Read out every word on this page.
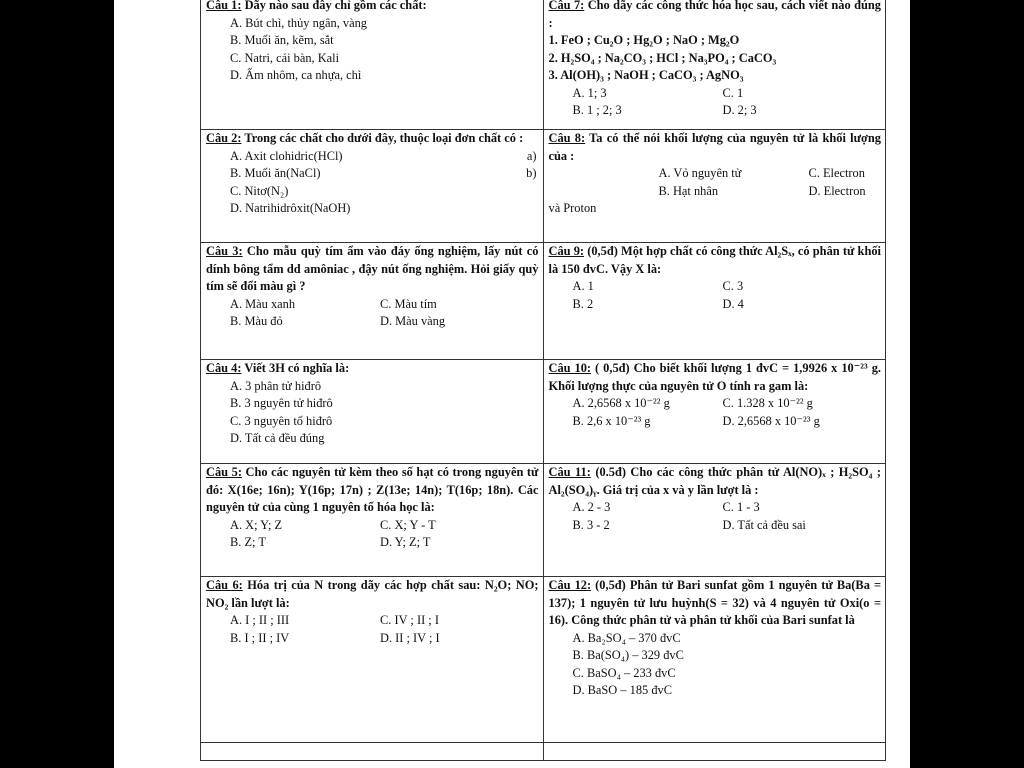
Câu 1: Dãy nào sau đây chỉ gồm các chất:
A. Bút chì, thủy ngân, vàng
B. Muối ăn, kẽm, sắt
C. Natri, cái bàn, Kali
D. Ấm nhôm, ca nhựa, chì
Câu 7: Cho dãy các công thức hóa học sau, cách viết nào đúng :
1. FeO ; Cu₂O ; Hg₂O ; NaO ; Mg₂O
2. H₂SO₄ ; Na₂CO₃ ; HCl ; Na₃PO₄ ; CaCO₃
3. Al(OH)₃ ; NaOH ; CaCO₃ ; AgNO₃
A. 1; 3	C. 1
B. 1 ; 2; 3	D. 2; 3
Câu 2: Trong các chất cho dưới đây, thuộc loại đơn chất có :
A. Axit clohidric(HCl)	a)
B. Muối ăn(NaCl)	b)
C. Nitơ(N₂)
D. Natrihidrôxit(NaOH)
Câu 8: Ta có thể nói khối lượng của nguyên tử là khối lượng của :
A. Vỏ nguyên tử	C. Electron
B. Hạt nhân	D. Electron
và Proton
Câu 3: Cho mẫu quỳ tím ẩm vào đáy ống nghiệm, lấy nút có dính bông tẩm dd amôniac , đậy nút ống nghiệm. Hỏi giấy quỳ tím sẽ đổi màu gì ?
A. Màu xanh	C. Màu tím
B. Màu đỏ	D. Màu vàng
Câu 9: (0,5đ) Một hợp chất có công thức Al₂Sₓ, có phân tử khối là 150 đvC. Vậy X là:
A. 1	C. 3
B. 2	D. 4
Câu 4: Viết 3H có nghĩa là:
A. 3 phân tử hiđrô
B. 3 nguyên tử hiđrô
C. 3 nguyên tố hiđrô
D. Tất cả đều đúng
Câu 10: ( 0,5đ) Cho biết khối lượng 1 đvC = 1,9926 x 10⁻²³ g. Khối lượng thực của nguyên tử O tính ra gam là:
A. 2,6568 x 10⁻²² g	C. 1.328 x 10⁻²² g
B. 2,6 x 10⁻²³ g	D. 2,6568 x 10⁻²³ g
Câu 5: Cho các nguyên tử kèm theo số hạt có trong nguyên tử đó: X(16e; 16n); Y(16p; 17n) ; Z(13e; 14n); T(16p; 18n). Các nguyên tử của cùng 1 nguyên tố hóa học là:
A. X; Y; Z	C. X; Y - T
B. Z; T	D. Y; Z; T
Câu 11: (0.5đ) Cho các công thức phân tử Al(NO)ₓ ; H₂SO₄ ; Al₂(SO₄)ᵧ. Giá trị của x và y lần lượt là :
A. 2 - 3	C. 1 - 3
B. 3 - 2	D. Tất cả đều sai
Câu 6: Hóa trị của N trong dãy các hợp chất sau: N₂O; NO; NO₂ lần lượt là:
A. I ; II ; III	C. IV ; II ; I
B. I ; II ; IV	D. II ; IV ; I
Câu 12: (0,5đ) Phân tử Bari sunfat gồm 1 nguyên tử Ba(Ba = 137); 1 nguyên tử lưu huỳnh(S = 32) và 4 nguyên tử Oxi(o = 16). Công thức phân tử và phân tử khối của Bari sunfat là
A. Ba₂SO₄ – 370 đvC
B. Ba(SO₄) – 329 đvC
C. BaSO₄ – 233 đvC
D. BaSO – 185 đvC
